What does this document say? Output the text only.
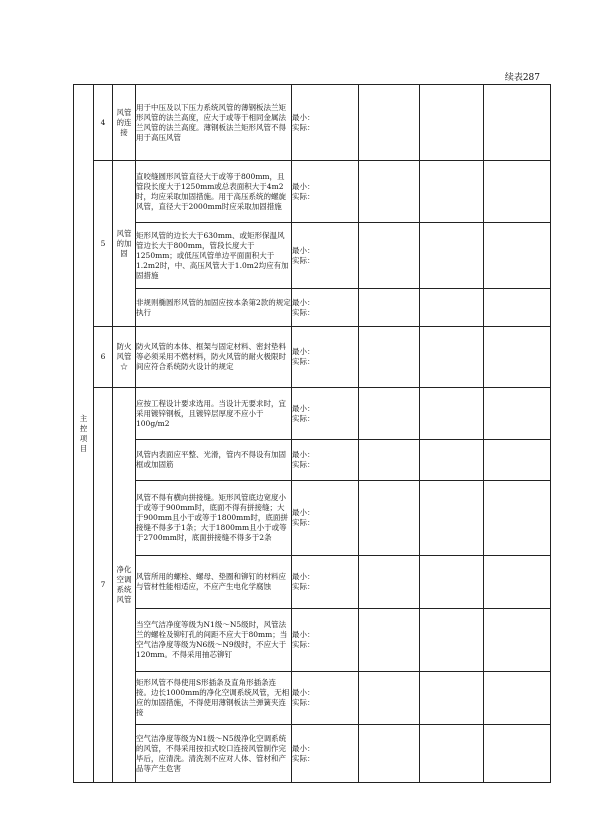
续表287
主控项目	4	风管的连接	用于中压及以下压力系统风管的薄钢板法兰矩形风管的法兰高度，应大于或等于相同金属法兰风管的法兰高度。薄钢板法兰矩形风管不得用于高压风管	最小：
实际：			

	5	风管的加固	直咬缝圆形风管直径大于或等于800mm，且管段长度大于1250mm或总表面积大于4m2时，均应采取加固措施。用于高压系统的螺旋风管，直径大于2000mm时应采取加固措施	最小：
实际：			

			矩形风管的边长大于630mm、或矩形保温风管边长大于800mm，管段长度大于1250mm；或低压风管单边平面面积大于1.2m2时，中、高压风管大于1.0m2均应有加固措施	最小：
实际：			

			非规则椭圆形风管的加固应按本条第2款的规定执行	最小：
实际：			

	6	防火风管☆	防火风管的本体、框架与固定材料、密封垫料等必须采用不燃材料，防火风管的耐火极限时间应符合系统防火设计的规定	最小：
实际：			

	7	净化空调系统风管	应按工程设计要求选用。当设计无要求时，宜采用镀锌钢板，且镀锌层厚度不应小于100g/m2	最小：
实际：			

			风管内表面应平整、光滑，管内不得设有加固框或加固筋	最小：
实际：			

			风管不得有横向拼接缝。矩形风管底边宽度小于或等于900mm时，底面不得有拼接缝；大于900mm且小于或等于1800mm时，底面拼接缝不得多于1条；大于1800mm且小于或等于2700mm时，底面拼接缝不得多于2条	最小：
实际：			

			风管所用的螺栓、螺母、垫圈和铆钉的材料应与管材性能相适应，不应产生电化学腐蚀	最小：
实际：			

			当空气洁净度等级为N1级～N5级时，风管法兰的螺栓及铆钉孔的间距不应大于80mm；当空气洁净度等级为N6级～N9级时，不应大于120mm。不得采用抽芯铆钉	最小：
实际：			

			矩形风管不得使用S形插条及直角形插条连接。边长1000mm的净化空调系统风管，无相应的加固措施，不得使用薄钢板法兰弹簧夹连接	最小：
实际：			

			空气洁净度等级为N1级～N5级净化空调系统的风管，不得采用按扣式咬口连接风管制作完毕后，应清洗。清洗剂不应对人体、管材和产品等产生危害	最小：
实际：			
